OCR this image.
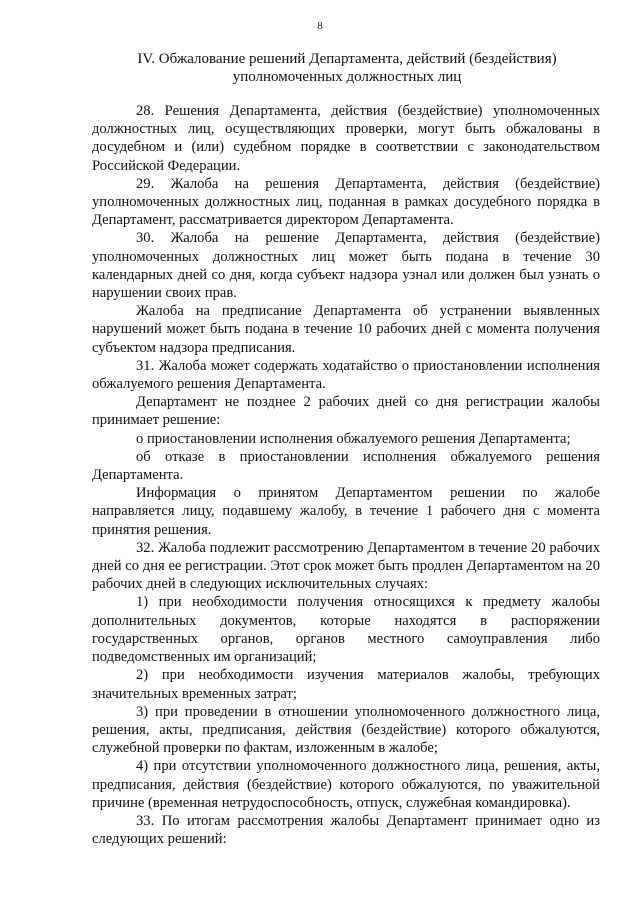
8
IV. Обжалование решений Департамента, действий (бездействия)
уполномоченных должностных лиц

28. Решения Департамента, действия (бездействие) уполномоченных должностных лиц, осуществляющих проверки, могут быть обжалованы в досудебном и (или) судебном порядке в соответствии с законодательством Российской Федерации.

29. Жалоба на решения Департамента, действия (бездействие) уполномоченных должностных лиц, поданная в рамках досудебного порядка в Департамент, рассматривается директором Департамента.

30. Жалоба на решение Департамента, действия (бездействие) уполномоченных должностных лиц может быть подана в течение 30 календарных дней со дня, когда субъект надзора узнал или должен был узнать о нарушении своих прав.

Жалоба на предписание Департамента об устранении выявленных нарушений может быть подана в течение 10 рабочих дней с момента получения субъектом надзора предписания.

31. Жалоба может содержать ходатайство о приостановлении исполнения обжалуемого решения Департамента.

Департамент не позднее 2 рабочих дней со дня регистрации жалобы принимает решение:

о приостановлении исполнения обжалуемого решения Департамента;

об отказе в приостановлении исполнения обжалуемого решения Департамента.

Информация о принятом Департаментом решении по жалобе направляется лицу, подавшему жалобу, в течение 1 рабочего дня с момента принятия решения.

32. Жалоба подлежит рассмотрению Департаментом в течение 20 рабочих дней со дня ее регистрации. Этот срок может быть продлен Департаментом на 20 рабочих дней в следующих исключительных случаях:

1) при необходимости получения относящихся к предмету жалобы дополнительных документов, которые находятся в распоряжении государственных органов, органов местного самоуправления либо подведомственных им организаций;

2) при необходимости изучения материалов жалобы, требующих значительных временных затрат;

3) при проведении в отношении уполномоченного должностного лица, решения, акты, предписания, действия (бездействие) которого обжалуются, служебной проверки по фактам, изложенным в жалобе;

4) при отсутствии уполномоченного должностного лица, решения, акты, предписания, действия (бездействие) которого обжалуются, по уважительной причине (временная нетрудоспособность, отпуск, служебная командировка).

33. По итогам рассмотрения жалобы Департамент принимает одно из следующих решений:
